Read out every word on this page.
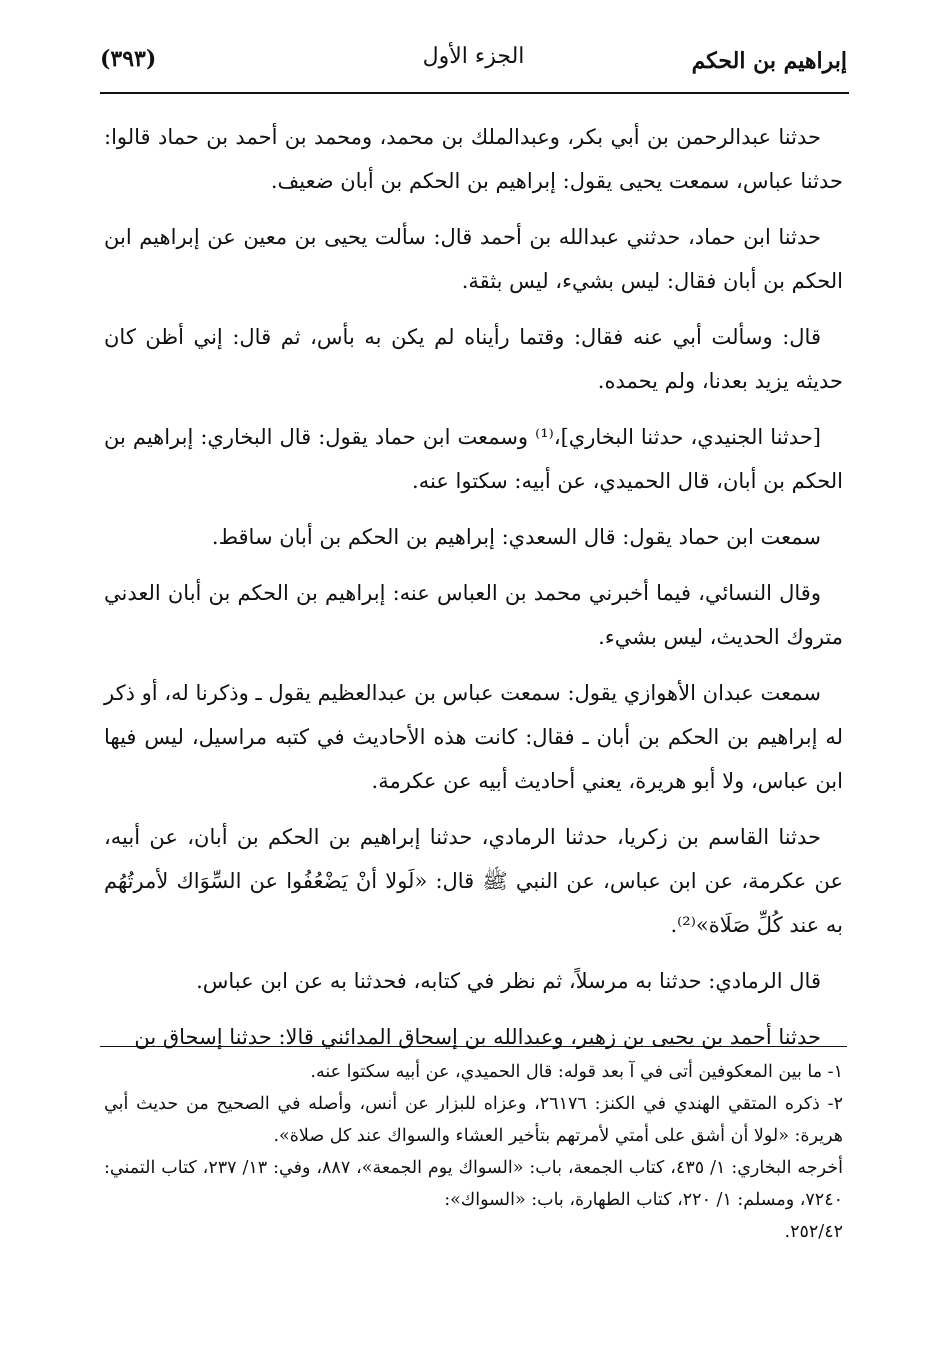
إبراهيم بن الحكم
الجزء الأول
(٣٩٣)

حدثنا عبدالرحمن بن أبي بكر، وعبدالملك بن محمد، ومحمد بن أحمد بن حماد قالوا: حدثنا عباس، سمعت يحيى يقول: إبراهيم بن الحكم بن أبان ضعيف.

حدثنا ابن حماد، حدثني عبدالله بن أحمد قال: سألت يحيى بن معين عن إبراهيم ابن الحكم بن أبان فقال: ليس بشيء، ليس بثقة.

قال: وسألت أبي عنه فقال: وقتما رأيناه لم يكن به بأس، ثم قال: إني أظن كان حديثه يزيد بعدنا، ولم يحمده.

[حدثنا الجنيدي، حدثنا البخاري]،⁽¹⁾ وسمعت ابن حماد يقول: قال البخاري: إبراهيم بن الحكم بن أبان، قال الحميدي، عن أبيه: سكتوا عنه.

سمعت ابن حماد يقول: قال السعدي: إبراهيم بن الحكم بن أبان ساقط.

وقال النسائي، فيما أخبرني محمد بن العباس عنه: إبراهيم بن الحكم بن أبان العدني متروك الحديث، ليس بشيء.

سمعت عبدان الأهوازي يقول: سمعت عباس بن عبدالعظيم يقول ـ وذكرنا له، أو ذكر له إبراهيم بن الحكم بن أبان ـ فقال: كانت هذه الأحاديث في كتبه مراسيل، ليس فيها ابن عباس، ولا أبو هريرة، يعني أحاديث أبيه عن عكرمة.

حدثنا القاسم بن زكريا، حدثنا الرمادي، حدثنا إبراهيم بن الحكم بن أبان، عن أبيه، عن عكرمة، عن ابن عباس، عن النبي ﷺ قال: «لَولا أنْ يَضْعُفُوا عن السِّوَاك لأمرتُهُم به عند كُلِّ صَلَاة»⁽²⁾.

قال الرمادي: حدثنا به مرسلاً، ثم نظر في كتابه، فحدثنا به عن ابن عباس.

حدثنا أحمد بن يحيى بن زهير، وعبدالله بن إسحاق المدائني قالا: حدثنا إسحاق بن

١- ما بين المعكوفين أتى في آ بعد قوله: قال الحميدي، عن أبيه سكتوا عنه.

٢- ذكره المتقي الهندي في الكنز: ٢٦١٧٦، وعزاه للبزار عن أنس، وأصله في الصحيح من حديث أبي هريرة: «لولا أن أشق على أمتي لأمرتهم بتأخير العشاء والسواك عند كل صلاة».

أخرجه البخاري: ١/ ٤٣٥، كتاب الجمعة، باب: «السواك يوم الجمعة»، ٨٨٧، وفي: ١٣/ ٢٣٧، كتاب التمني: ٧٢٤٠، ومسلم: ١/ ٢٢٠، كتاب الطهارة، باب: «السواك»:

٢٥٢/٤٢.
